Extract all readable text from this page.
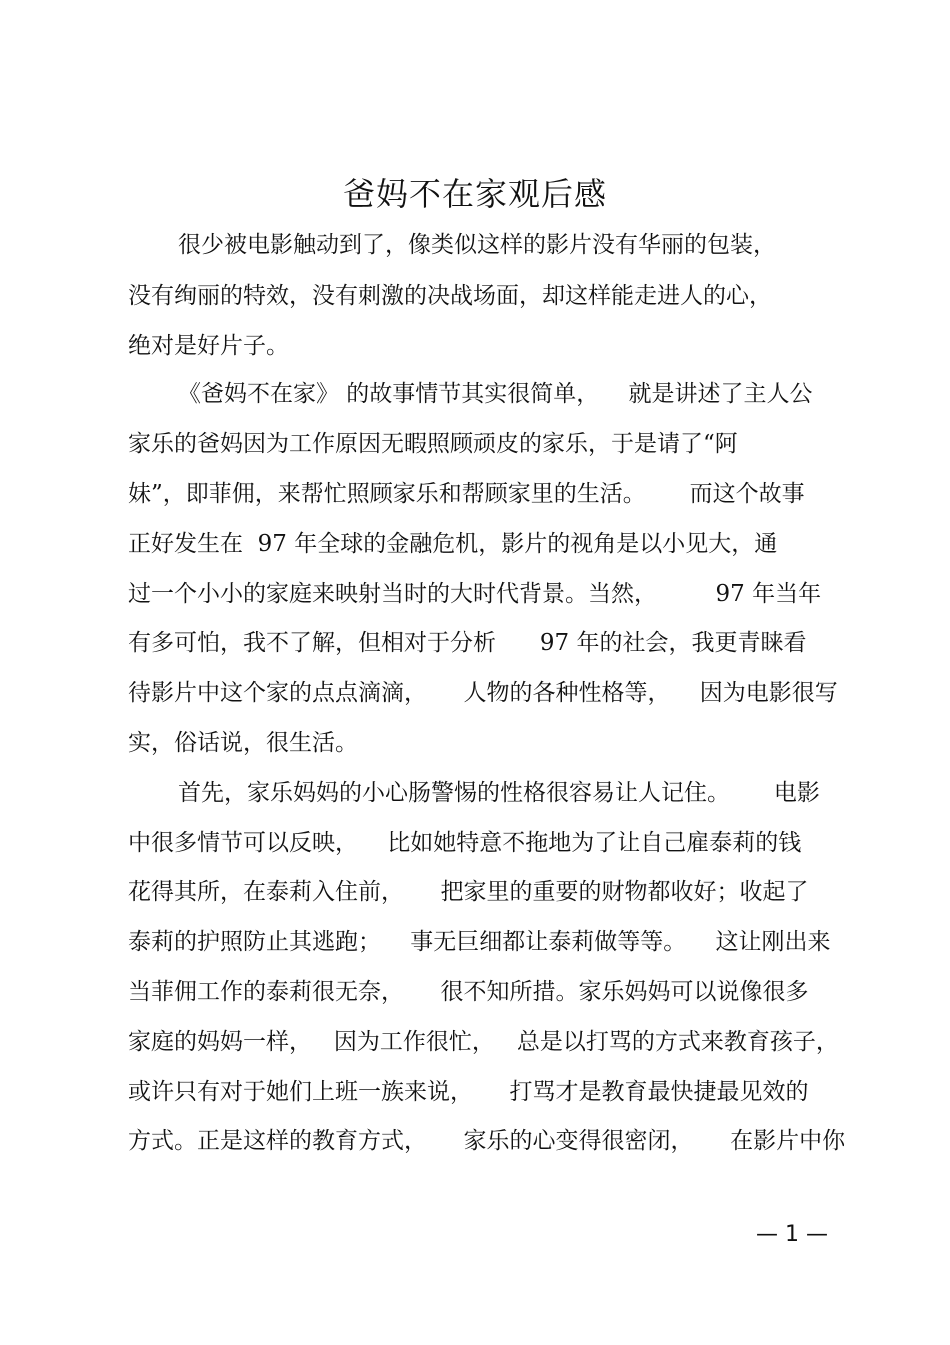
爸妈不在家观后感
很少被电影触动到了，像类似这样的影片没有华丽的包装，
没有绚丽的特效，没有刺激的决战场面，却这样能走进人的心，
绝对是好片子。
《爸妈不在家》 的故事情节其实很简单，    就是讲述了主人公
家乐的爸妈因为工作原因无暇照顾顽皮的家乐，于是请了“阿
妹”，即菲佣，来帮忙照顾家乐和帮顾家里的生活。      而这个故事
正好发生在  97 年全球的金融危机，影片的视角是以小见大，通
过一个小小的家庭来映射当时的大时代背景。当然，        97 年当年
有多可怕，我不了解，但相对于分析      97 年的社会，我更青睐看
待影片中这个家的点点滴滴，     人物的各种性格等，    因为电影很写
实，俗话说，很生活。
首先，家乐妈妈的小心肠警惕的性格很容易让人记住。      电影
中很多情节可以反映，    比如她特意不拖地为了让自己雇泰莉的钱
花得其所，在泰莉入住前，     把家里的重要的财物都收好；收起了
泰莉的护照防止其逃跑；    事无巨细都让泰莉做等等。    这让刚出来
当菲佣工作的泰莉很无奈，     很不知所措。家乐妈妈可以说像很多
家庭的妈妈一样，   因为工作很忙，   总是以打骂的方式来教育孩子，
或许只有对于她们上班一族来说，     打骂才是教育最快捷最见效的
方式。正是这样的教育方式，     家乐的心变得很密闭，     在影片中你
— 1 —
